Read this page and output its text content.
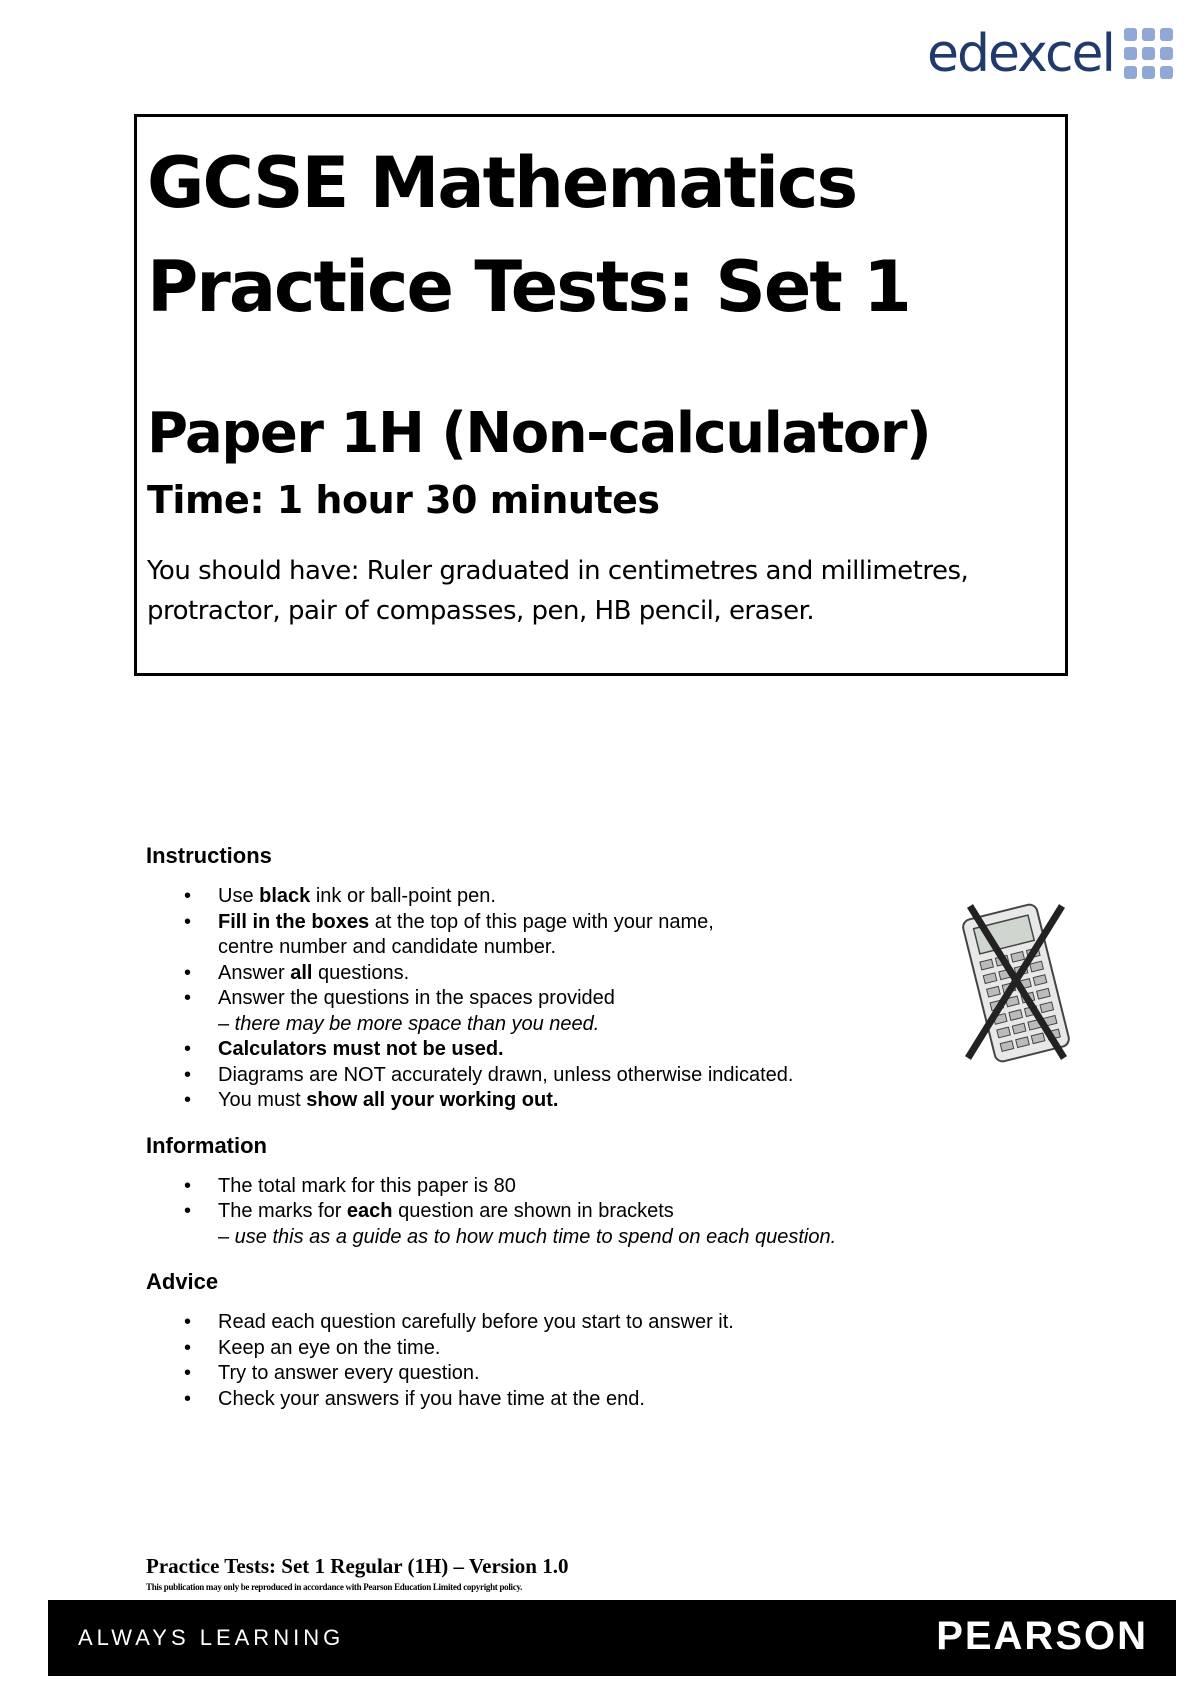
edexcel
GCSE Mathematics
Practice Tests: Set 1
Paper 1H (Non-calculator)
Time: 1 hour 30 minutes
You should have: Ruler graduated in centimetres and millimetres,
protractor, pair of compasses, pen, HB pencil, eraser.
Instructions
• Use black ink or ball-point pen.
• Fill in the boxes at the top of this page with your name,
centre number and candidate number.
• Answer all questions.
• Answer the questions in the spaces provided
– there may be more space than you need.
• Calculators must not be used.
• Diagrams are NOT accurately drawn, unless otherwise indicated.
• You must show all your working out.
Information
• The total mark for this paper is 80
• The marks for each question are shown in brackets
– use this as a guide as to how much time to spend on each question.
Advice
• Read each question carefully before you start to answer it.
• Keep an eye on the time.
• Try to answer every question.
• Check your answers if you have time at the end.
Practice Tests: Set 1 Regular (1H) – Version 1.0
This publication may only be reproduced in accordance with Pearson Education Limited copyright policy.
ALWAYS LEARNING	PEARSON
